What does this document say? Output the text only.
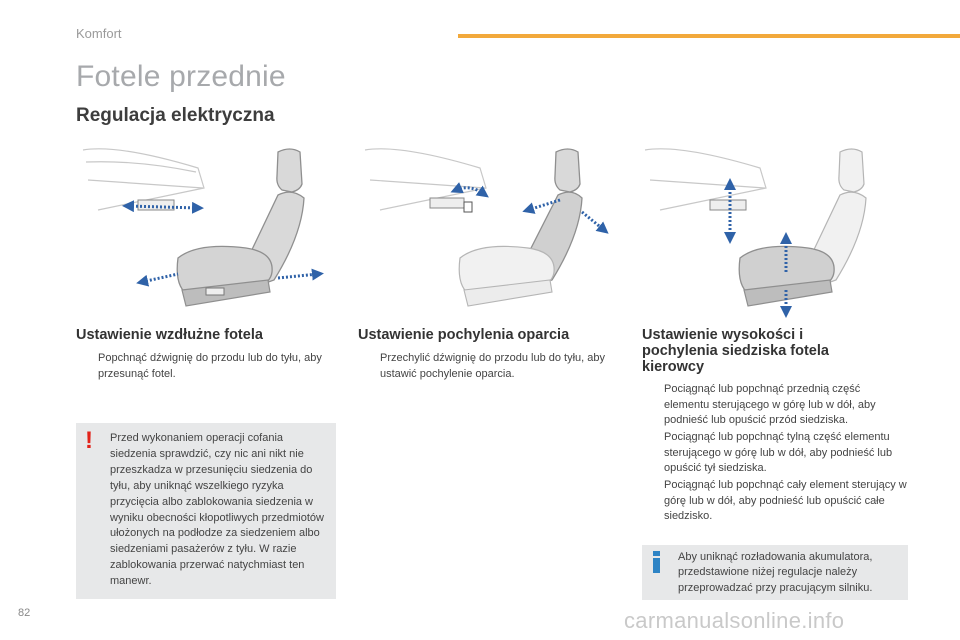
Komfort
Fotele przednie
Regulacja elektryczna
Ustawienie wzdłużne fotela
Popchnąć dźwignię do przodu lub do tyłu, aby przesunąć fotel.
Ustawienie pochylenia oparcia
Przechylić dźwignię do przodu lub do tyłu, aby ustawić pochylenie oparcia.
Ustawienie wysokości i
pochylenia siedziska fotela
kierowcy
Pociągnąć lub popchnąć przednią część elementu sterującego w górę lub w dół, aby podnieść lub opuścić przód siedziska.
Pociągnąć lub popchnąć tylną część elementu sterującego w górę lub w dół, aby podnieść lub opuścić tył siedziska.
Pociągnąć lub popchnąć cały element sterujący w górę lub w dół, aby podnieść lub opuścić całe siedzisko.
!	Przed wykonaniem operacji cofania siedzenia sprawdzić, czy nic ani nikt nie przeszkadza w przesunięciu siedzenia do tyłu, aby uniknąć wszelkiego ryzyka przycięcia albo zablokowania siedzenia w wyniku obecności kłopotliwych przedmiotów ułożonych na podłodze za siedzeniem albo siedzeniami pasażerów z tyłu. W razie zablokowania przerwać natychmiast ten manewr.
Aby uniknąć rozładowania akumulatora, przedstawione niżej regulacje należy przeprowadzać przy pracującym silniku.
82	carmanualsonline.info
